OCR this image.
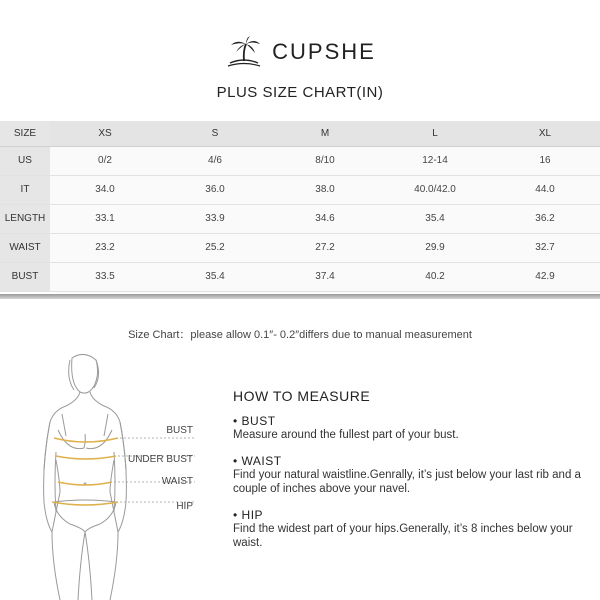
CUPSHE
PLUS SIZE CHART(IN)
SIZE	XS	S	M	L	XL
US	0/2	4/6	8/10	12-14	16
IT	34.0	36.0	38.0	40.0/42.0	44.0
LENGTH	33.1	33.9	34.6	35.4	36.2
WAIST	23.2	25.2	27.2	29.9	32.7
BUST	33.5	35.4	37.4	40.2	42.9
Size Chart：please allow 0.1″- 0.2″differs due to manual measurement
BUST
UNDER BUST
WAIST
HIP
HOW TO MEASURE
• BUST
Measure around the fullest part of your bust.
• WAIST
Find your natural waistline.Genrally, it’s just below your last rib and a couple of inches above your navel.
• HIP
Find the widest part of your hips.Generally, it’s 8 inches below your waist.
